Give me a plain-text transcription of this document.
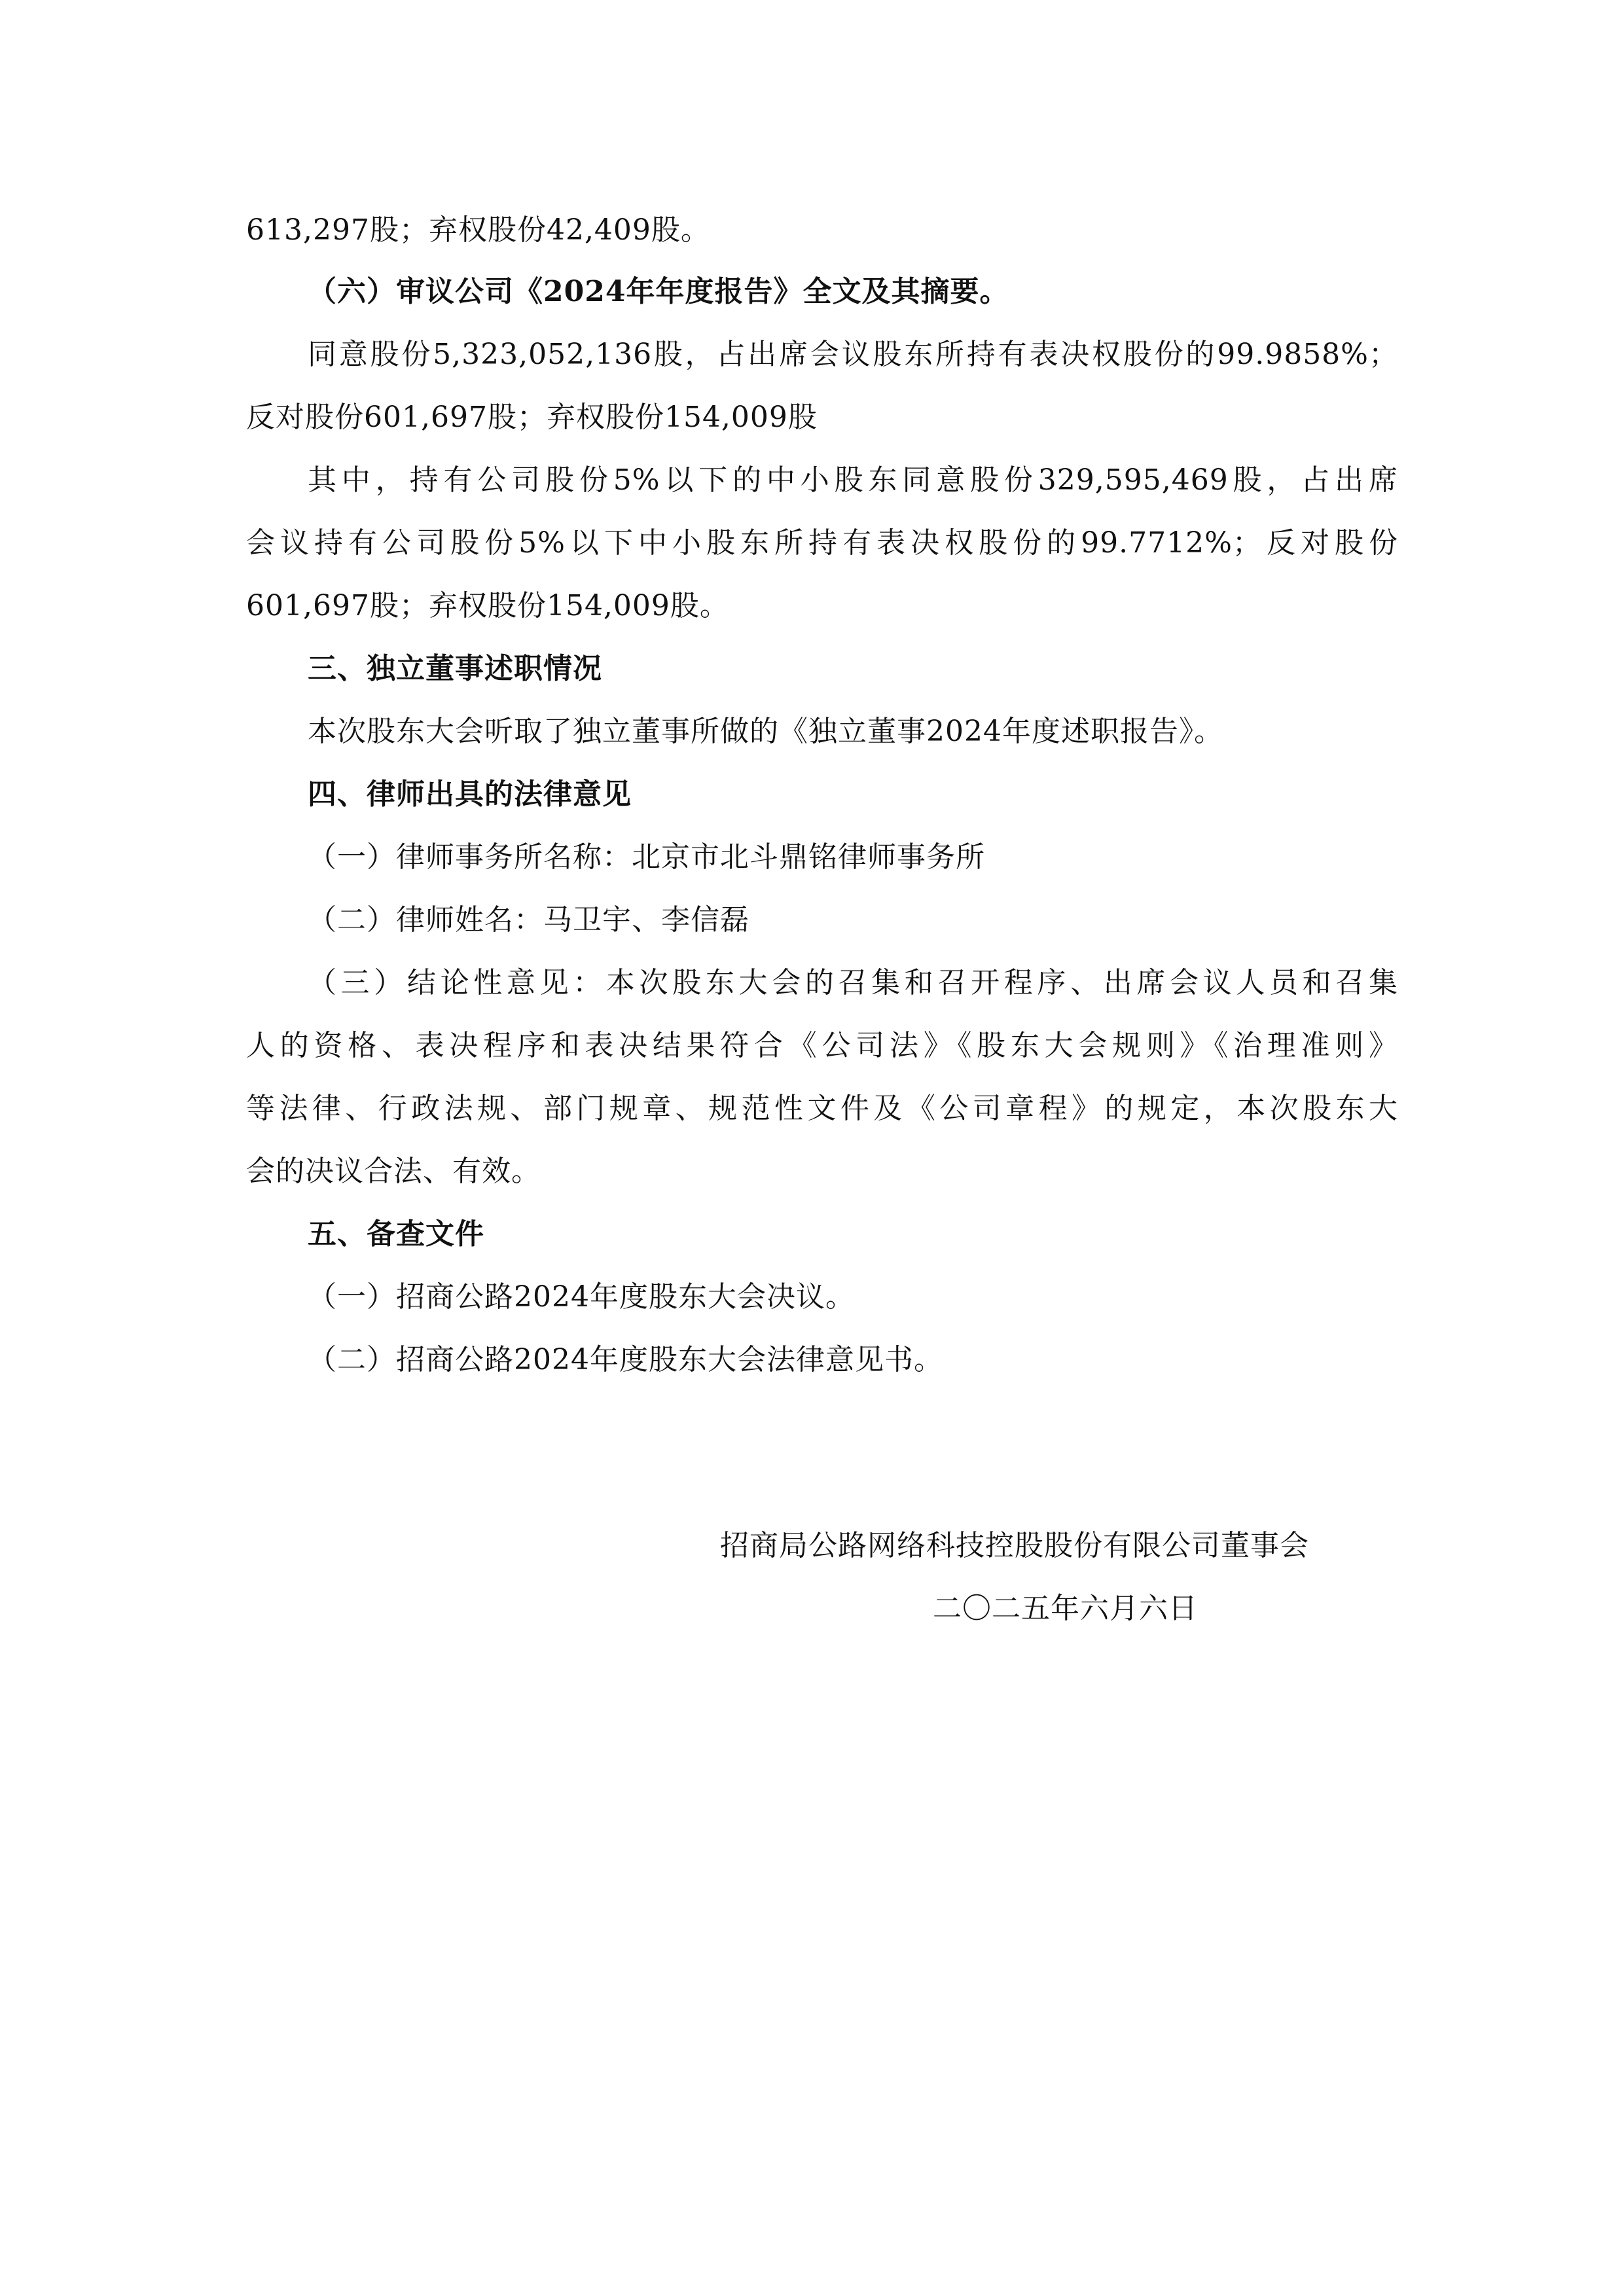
613,297股；弃权股份42,409股。
（六）审议公司《2024年年度报告》全文及其摘要。
同意股份5,323,052,136股，占出席会议股东所持有表决权股份的99.9858%；
反对股份601,697股；弃权股份154,009股
其中，持有公司股份5%以下的中小股东同意股份329,595,469股，占出席
会议持有公司股份5%以下中小股东所持有表决权股份的99.7712%；反对股份
601,697股；弃权股份154,009股。
三、独立董事述职情况
本次股东大会听取了独立董事所做的《独立董事2024年度述职报告》。
四、律师出具的法律意见
（一）律师事务所名称：北京市北斗鼎铭律师事务所
（二）律师姓名：马卫宇、李信磊
（三）结论性意见：本次股东大会的召集和召开程序、出席会议人员和召集
人的资格、表决程序和表决结果符合《公司法》《股东大会规则》《治理准则》
等法律、行政法规、部门规章、规范性文件及《公司章程》的规定，本次股东大
会的决议合法、有效。
五、备查文件
（一）招商公路2024年度股东大会决议。
（二）招商公路2024年度股东大会法律意见书。
招商局公路网络科技控股股份有限公司董事会
二〇二五年六月六日
